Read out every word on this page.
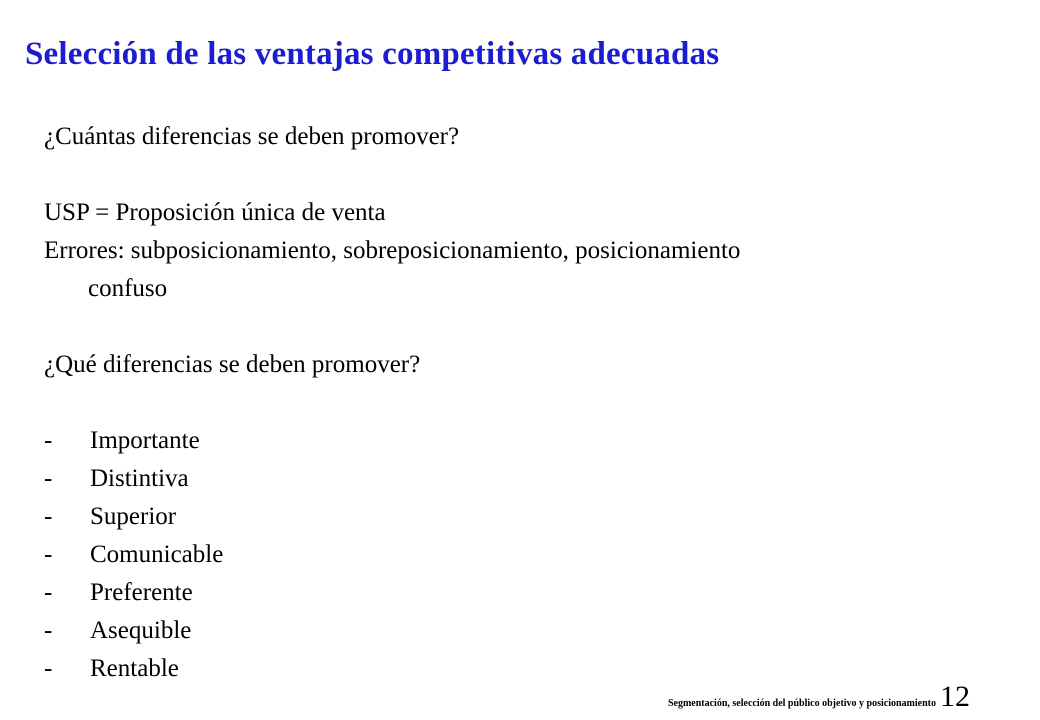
Selección de las ventajas competitivas adecuadas
¿Cuántas diferencias se deben promover?
USP = Proposición única de venta
Errores: subposicionamiento, sobreposicionamiento, posicionamiento
confuso
¿Qué diferencias se deben promover?
-	Importante
-	Distintiva
-	Superior
-	Comunicable
-	Preferente
-	Asequible
-	Rentable
Segmentación, selección del público objetivo y posicionamiento 12
